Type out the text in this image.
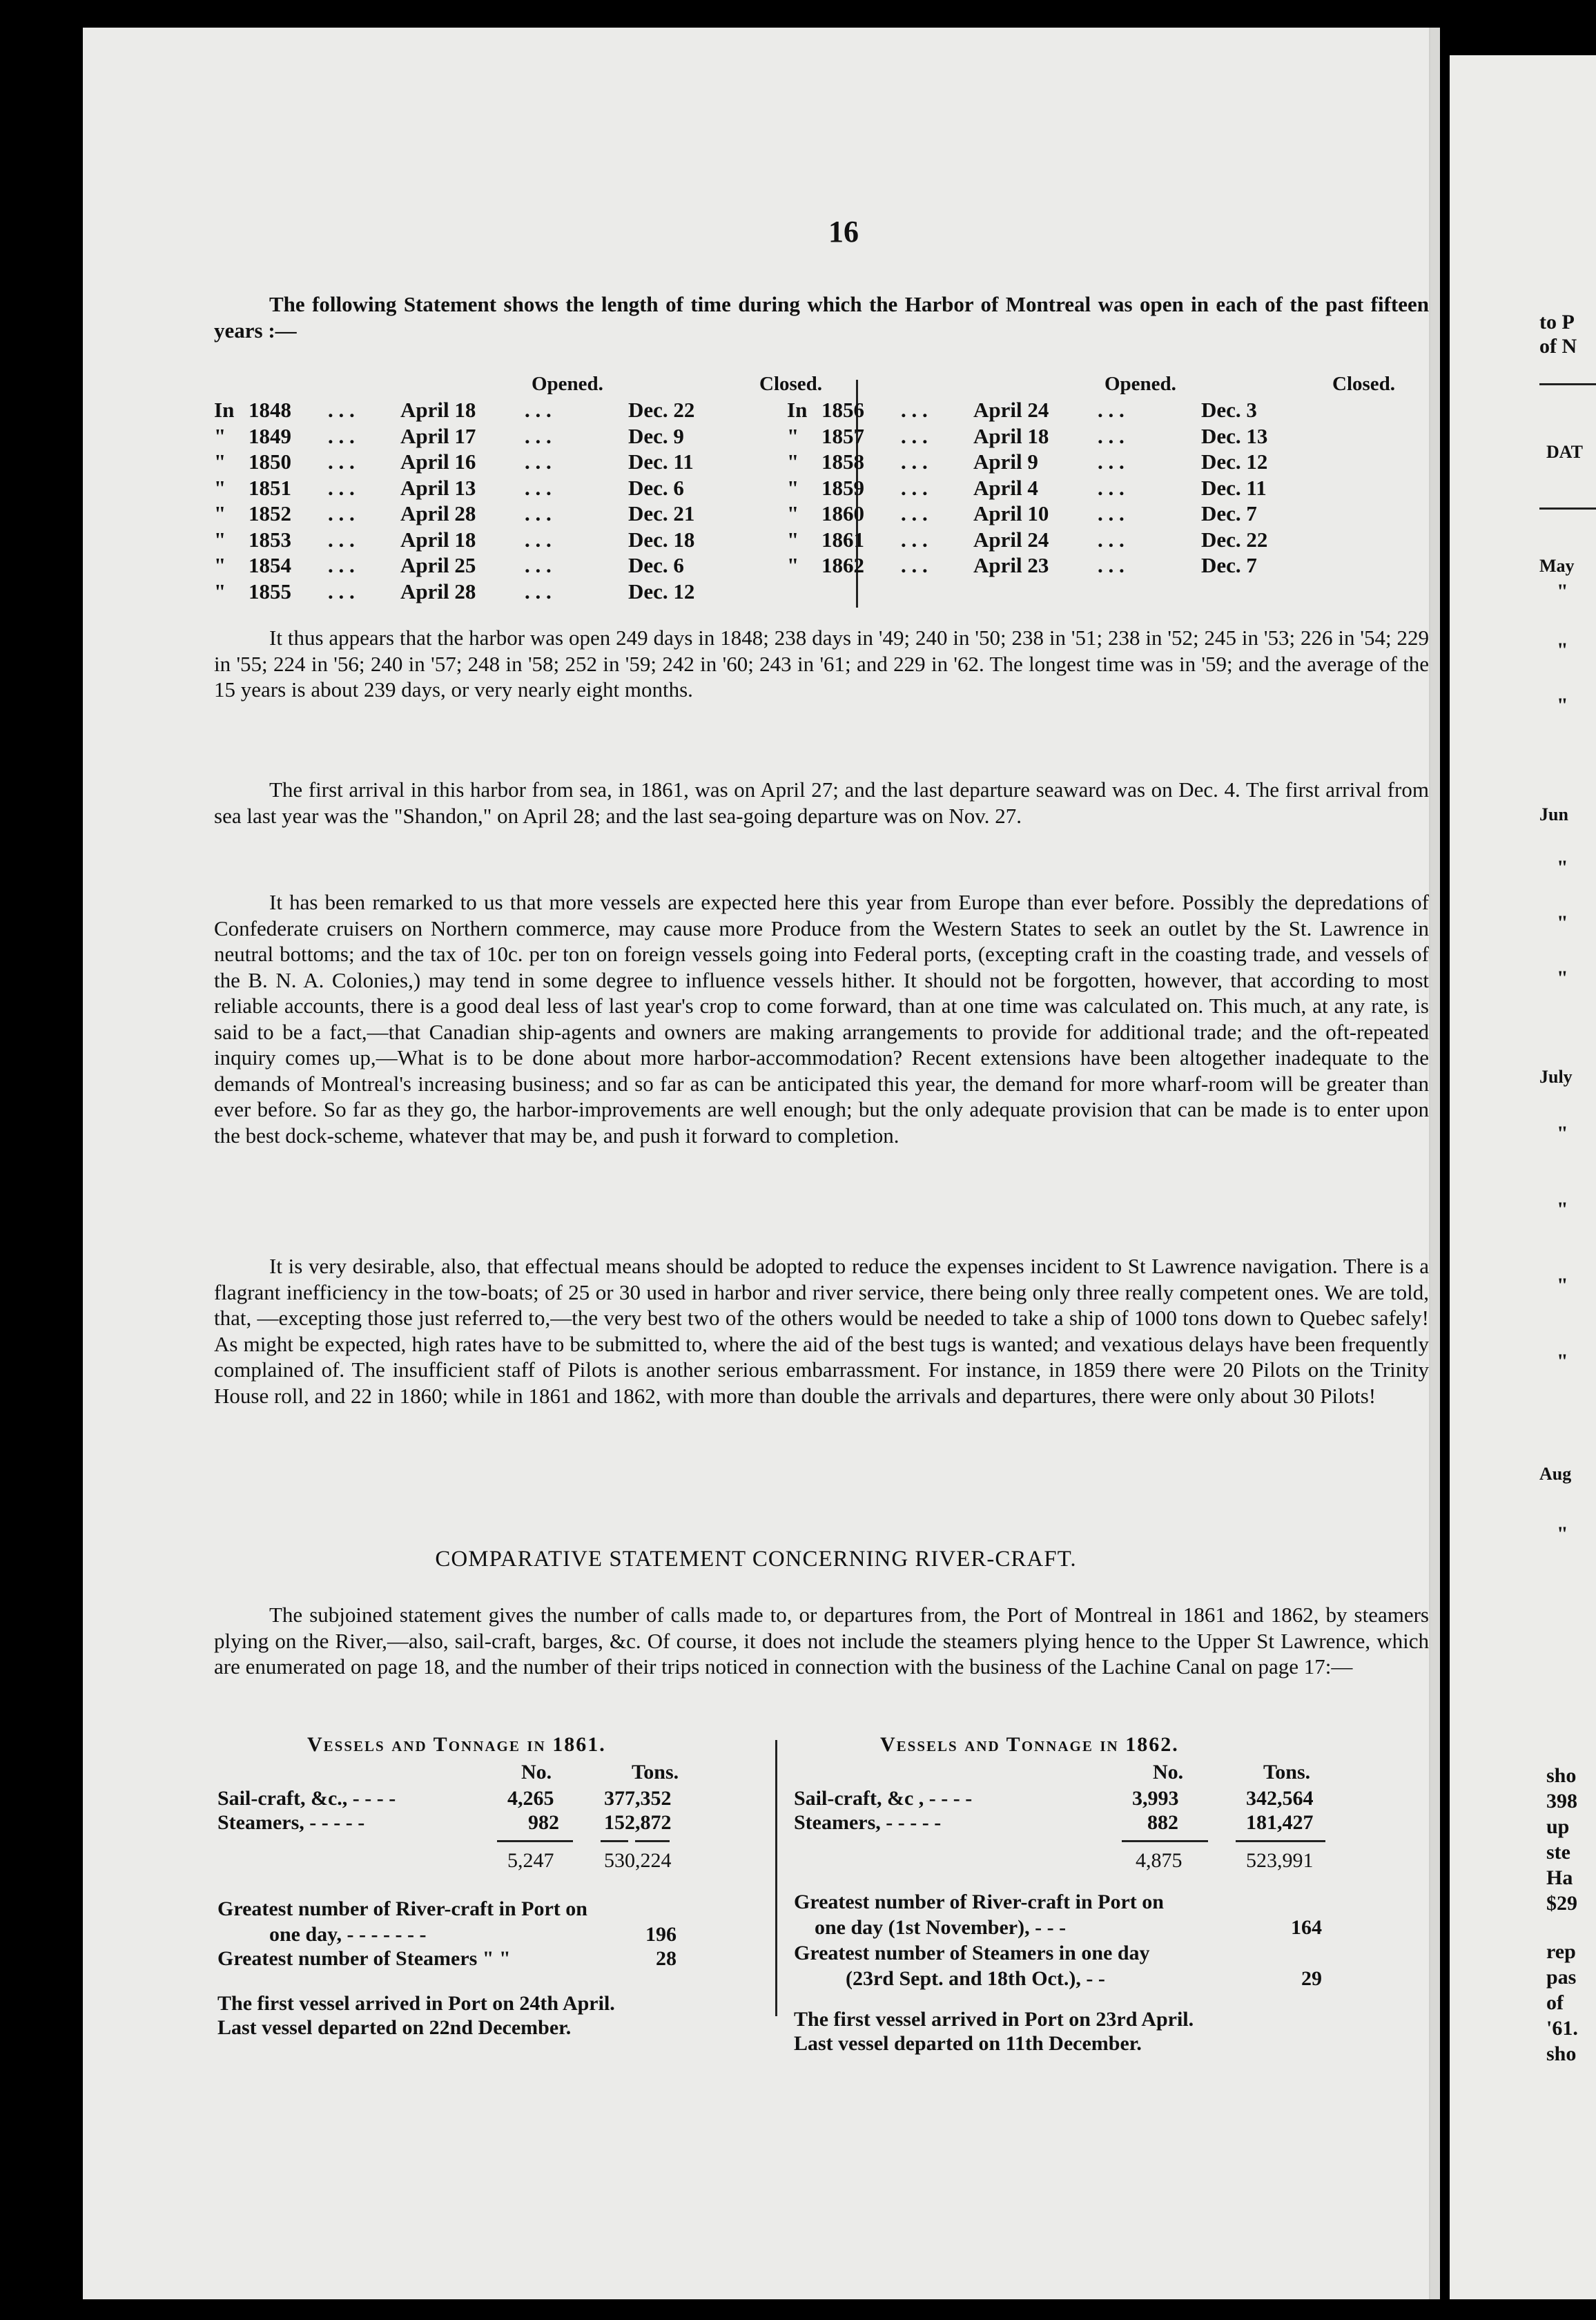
to P
of N
DAT
May
"
"
"
Jun
"
"
"
July
"
"
"
"
Aug
"
sho
398
up
ste
Ha
$29
rep
pas
of
'61.
sho
16
The following Statement shows the length of time during which the Harbor of Montreal was open in each of the past fifteen years :—
Opened.	Closed.	Opened.	Closed.
In 1848 . . . April 18 . . .	Dec. 22
" 1849 . . . April 17 . . .	Dec. 9
" 1850 . . . April 16 . . .	Dec. 11
" 1851 . . . April 13 . . .	Dec. 6
" 1852 . . . April 28 . . .	Dec. 21
" 1853 . . . April 18 . . .	Dec. 18
" 1854 . . . April 25 . . .	Dec. 6
" 1855 . . . April 28 . . .	Dec. 12
In 1856 . . . April 24 . . .	Dec. 3
" 1857 . . . April 18 . . .	Dec. 13
" 1858 . . . April 9	. . .	Dec. 12
" 1859 . . . April 4	. . .	Dec. 11
" 1860 . . . April 10 . . .	Dec. 7
" 1861 . . . April 24 . . .	Dec. 22
" 1862 . . . April 23 . . .	Dec. 7
It thus appears that the harbor was open 249 days in 1848; 238 days in '49; 240 in '50; 238 in '51; 238 in '52; 245 in '53; 226 in '54; 229 in '55; 224 in '56; 240 in '57; 248 in '58; 252 in '59; 242 in '60; 243 in '61; and 229 in '62. The longest time was in '59; and the average of the 15 years is about 239 days, or very nearly eight months.
The first arrival in this harbor from sea, in 1861, was on April 27; and the last departure seaward was on Dec. 4. The first arrival from sea last year was the "Shandon," on April 28; and the last sea-going departure was on Nov. 27.
It has been remarked to us that more vessels are expected here this year from Europe than ever before. Possibly the depredations of Confederate cruisers on Northern commerce, may cause more Produce from the Western States to seek an outlet by the St. Lawrence in neutral bottoms; and the tax of 10c. per ton on foreign vessels going into Federal ports, (excepting craft in the coasting trade, and vessels of the B. N. A. Colonies,) may tend in some degree to influence vessels hither. It should not be forgotten, however, that according to most reliable accounts, there is a good deal less of last year's crop to come forward, than at one time was calculated on. This much, at any rate, is said to be a fact,—that Canadian ship-agents and owners are making arrangements to provide for additional trade; and the oft-repeated inquiry comes up,—What is to be done about more harbor-accommodation? Recent extensions have been altogether inadequate to the demands of Montreal's increasing business; and so far as can be anticipated this year, the demand for more wharf-room will be greater than ever before. So far as they go, the harbor-improvements are well enough; but the only adequate provision that can be made is to enter upon the best dock-scheme, whatever that may be, and push it forward to completion.
It is very desirable, also, that effectual means should be adopted to reduce the expenses incident to St Lawrence navigation. There is a flagrant inefficiency in the tow-boats; of 25 or 30 used in harbor and river service, there being only three really competent ones. We are told, that, —excepting those just referred to,—the very best two of the others would be needed to take a ship of 1000 tons down to Quebec safely! As might be expected, high rates have to be submitted to, where the aid of the best tugs is wanted; and vexatious delays have been frequently complained of. The insufficient staff of Pilots is another serious embarrassment. For instance, in 1859 there were 20 Pilots on the Trinity House roll, and 22 in 1860; while in 1861 and 1862, with more than double the arrivals and departures, there were only about 30 Pilots!
COMPARATIVE STATEMENT CONCERNING RIVER-CRAFT.
The subjoined statement gives the number of calls made to, or departures from, the Port of Montreal in 1861 and 1862, by steamers plying on the River,—also, sail-craft, barges, &c. Of course, it does not include the steamers plying hence to the Upper St Lawrence, which are enumerated on page 18, and the number of their trips noticed in connection with the business of the Lachine Canal on page 17:—
Vessels and Tonnage in 1861.
No.	Tons.
Sail-craft, &c., - - - -	4,265 377,352
Steamers, - - - - -	982 152,872
5,247 530,224
Greatest number of River-craft in Port on
one day, - - - - - - -	196
Greatest number of Steamers " "	28
The first vessel arrived in Port on 24th April.
Last vessel departed on 22nd December.
Vessels and Tonnage in 1862.
No.	Tons.
Sail-craft, &c , - - - -	3,993	342,564
Steamers, - - - - -	882	181,427
4,875	523,991
Greatest number of River-craft in Port on
one day (1st November), - - -	164
Greatest number of Steamers in one day
(23rd Sept. and 18th Oct.), - -	29
The first vessel arrived in Port on 23rd April.
Last vessel departed on 11th December.
